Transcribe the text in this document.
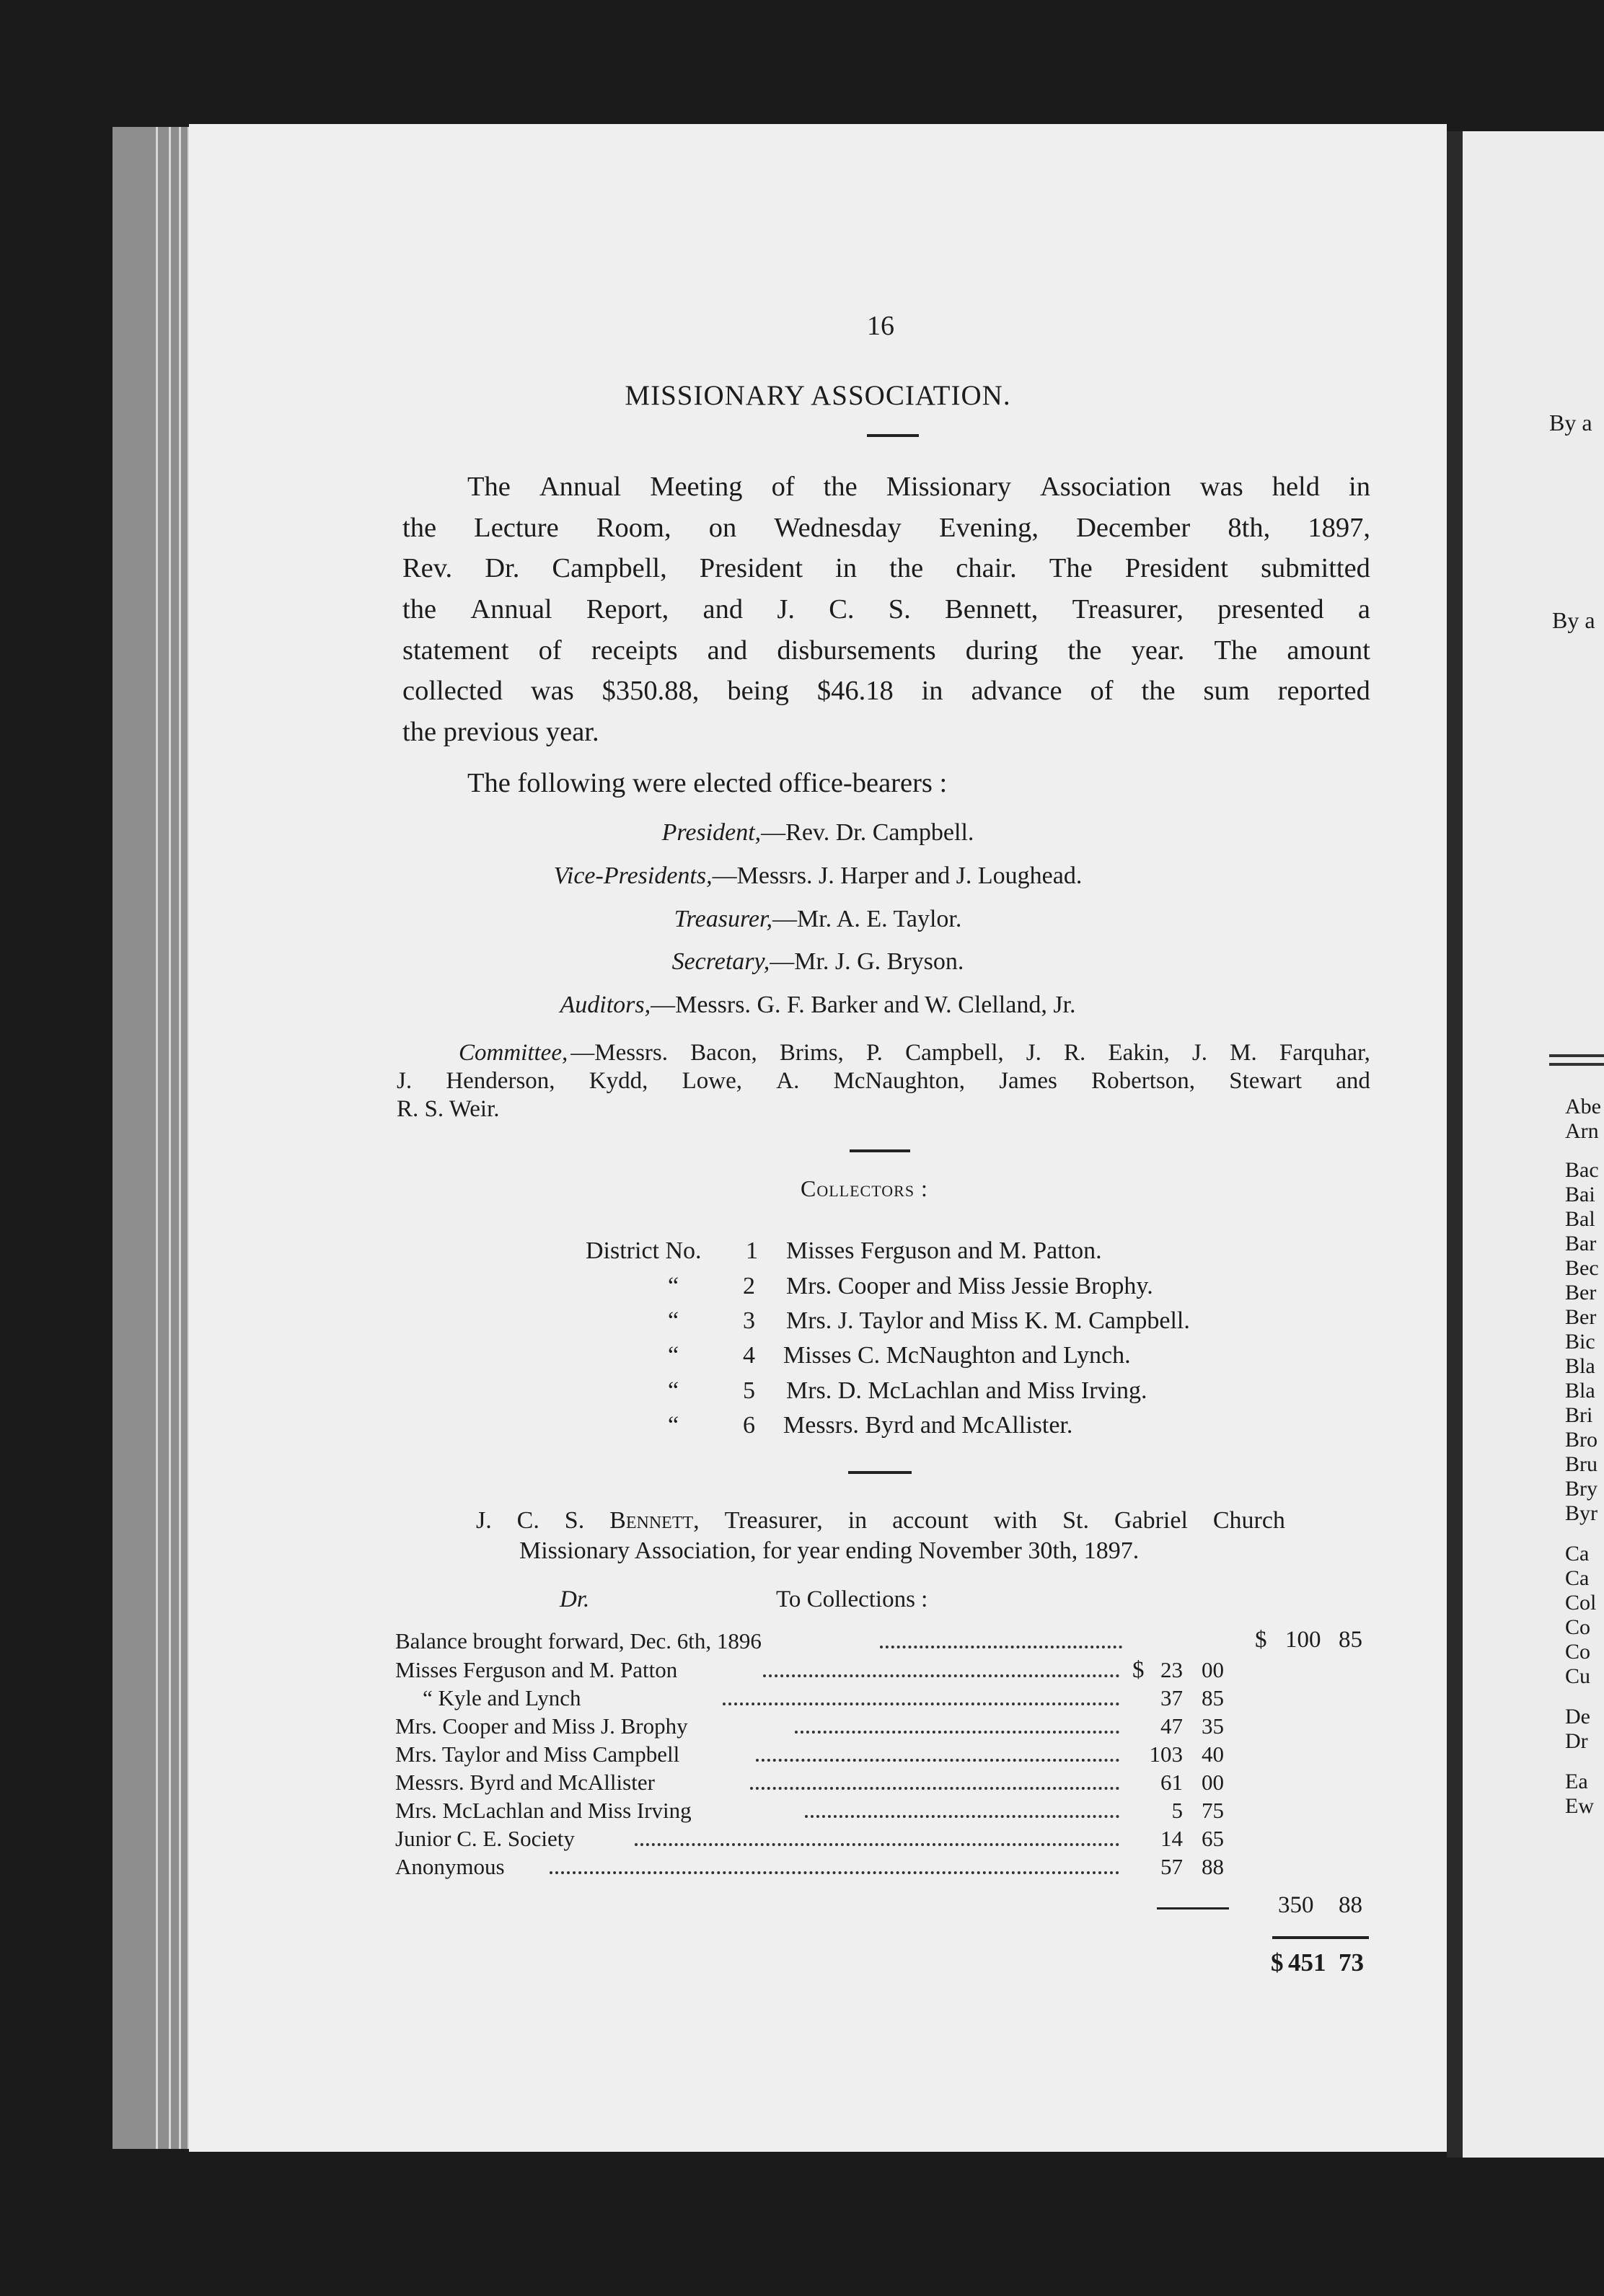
By a
By a
Abe
Arn
Bac
Bai
Bal
Bar
Bec
Ber
Ber
Bic
Bla
Bla
Bri
Bro
Bru
Bry
Byr
Ca
Ca
Col
Co
Co
Cu
De
Dr
Ea
Ew
16
MISSIONARY ASSOCIATION.
The Annual Meeting of the Missionary Association was held in
the Lecture Room, on Wednesday Evening, December 8th, 1897,
Rev. Dr. Campbell, President in the chair. The President submitted
the Annual Report, and J. C. S. Bennett, Treasurer, presented a
statement of receipts and disbursements during the year. The amount
collected was $350.88, being $46.18 in advance of the sum reported
the previous year.
The following were elected office-bearers :
President,—Rev. Dr. Campbell.
Vice-Presidents,—Messrs. J. Harper and J. Loughead.
Treasurer,—Mr. A. E. Taylor.
Secretary,—Mr. J. G. Bryson.
Auditors,—Messrs. G. F. Barker and W. Clelland, Jr.
Committee, —Messrs. Bacon, Brims, P. Campbell, J. R. Eakin, J. M. Farquhar,
J. Henderson, Kydd, Lowe, A. McNaughton, James Robertson, Stewart and
R. S. Weir.
Collectors :
District No. 1 Misses Ferguson and M. Patton.
“	2 Mrs. Cooper and Miss Jessie Brophy.
“	3 Mrs. J. Taylor and Miss K. M. Campbell.
“	4 Misses C. McNaughton and Lynch.
“	5 Mrs. D. McLachlan and Miss Irving.
“	6 Messrs. Byrd and McAllister.
J. C. S. Bennett, Treasurer, in account with St. Gabriel Church
Missionary Association, for year ending November 30th, 1897.
Dr.	To Collections :
Balance brought forward, Dec. 6th, 1896	$ 100 85
Misses Ferguson and M. Patton	$ 23 00
“ Kyle and Lynch	37 85
Mrs. Cooper and Miss J. Brophy	47 35
Mrs. Taylor and Miss Campbell	103 40
Messrs. Byrd and McAllister	61 00
Mrs. McLachlan and Miss Irving	5 75
Junior C. E. Society	14 65
Anonymous	57 88
350 88
$ 451 73
